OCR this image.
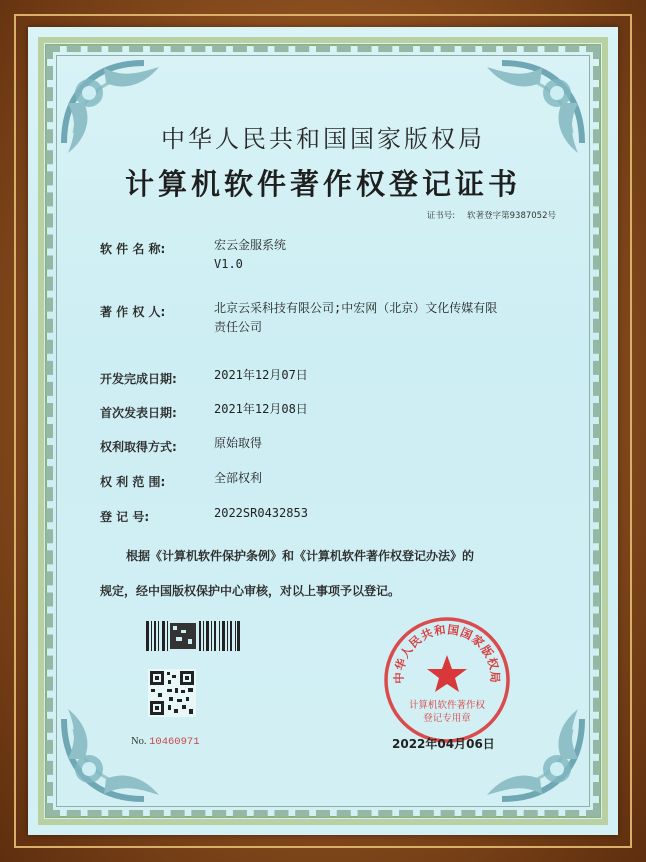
中华人民共和国国家版权局
计算机软件著作权登记证书
证书号: 软著登字第9387052号
软 件 名 称:	宏云金服系统
V1.0
著 作 权 人:	北京云采科技有限公司;中宏网（北京）文化传媒有限
责任公司
开发完成日期:	2021年12月07日
首次发表日期:	2021年12月08日
权利取得方式:	原始取得
权 利 范 围:	全部权利
登 记 号:	2022SR0432853
根据《计算机软件保护条例》和《计算机软件著作权登记办法》的
规定，经中国版权保护中心审核，对以上事项予以登记。
No. 10460971
中华人民共和国国家版权局
计算机软件著作权
登记专用章
2022年04月06日
